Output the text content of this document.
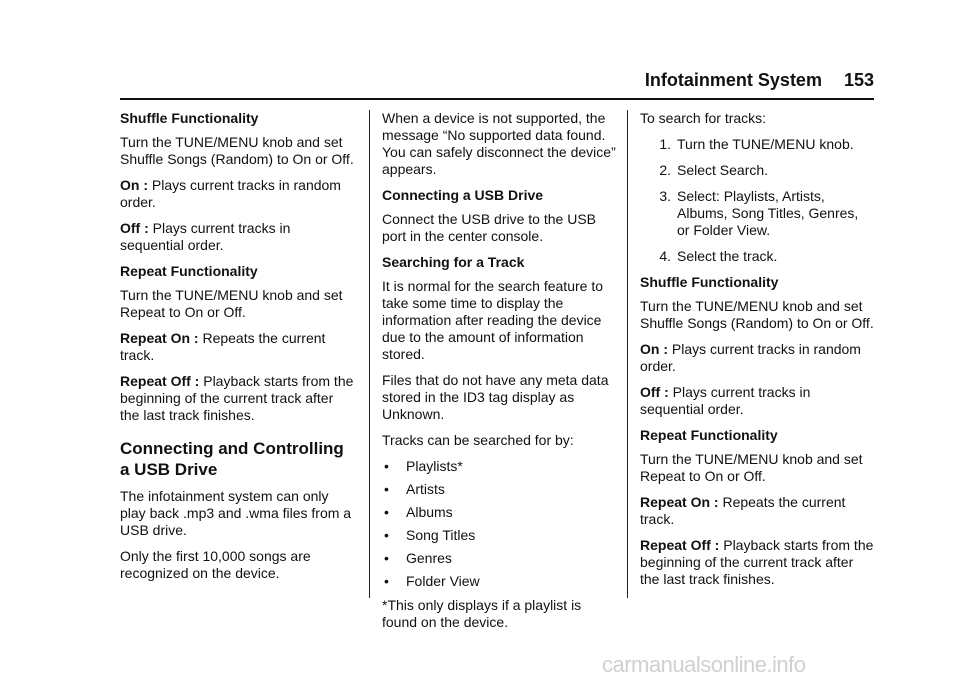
Infotainment System 153

Shuffle Functionality

Turn the TUNE/MENU knob and set Shuffle Songs (Random) to On or Off.

On : Plays current tracks in random order.

Off : Plays current tracks in sequential order.

Repeat Functionality

Turn the TUNE/MENU knob and set Repeat to On or Off.

Repeat On : Repeats the current track.

Repeat Off : Playback starts from the beginning of the current track after the last track finishes.

Connecting and Controlling a USB Drive

The infotainment system can only play back .mp3 and .wma files from a USB drive.

Only the first 10,000 songs are recognized on the device.

When a device is not supported, the message “No supported data found. You can safely disconnect the device” appears.

Connecting a USB Drive

Connect the USB drive to the USB port in the center console.

Searching for a Track

It is normal for the search feature to take some time to display the information after reading the device due to the amount of information stored.

Files that do not have any meta data stored in the ID3 tag display as Unknown.

Tracks can be searched for by:

•	Playlists*
•	Artists
•	Albums
•	Song Titles
•	Genres
•	Folder View

*This only displays if a playlist is found on the device.

To search for tracks:

1. Turn the TUNE/MENU knob.
2. Select Search.
3. Select: Playlists, Artists, Albums, Song Titles, Genres, or Folder View.
4. Select the track.

Shuffle Functionality

Turn the TUNE/MENU knob and set Shuffle Songs (Random) to On or Off.

On : Plays current tracks in random order.

Off : Plays current tracks in sequential order.

Repeat Functionality

Turn the TUNE/MENU knob and set Repeat to On or Off.

Repeat On : Repeats the current track.

Repeat Off : Playback starts from the beginning of the current track after the last track finishes.

carmanualsonline.info
